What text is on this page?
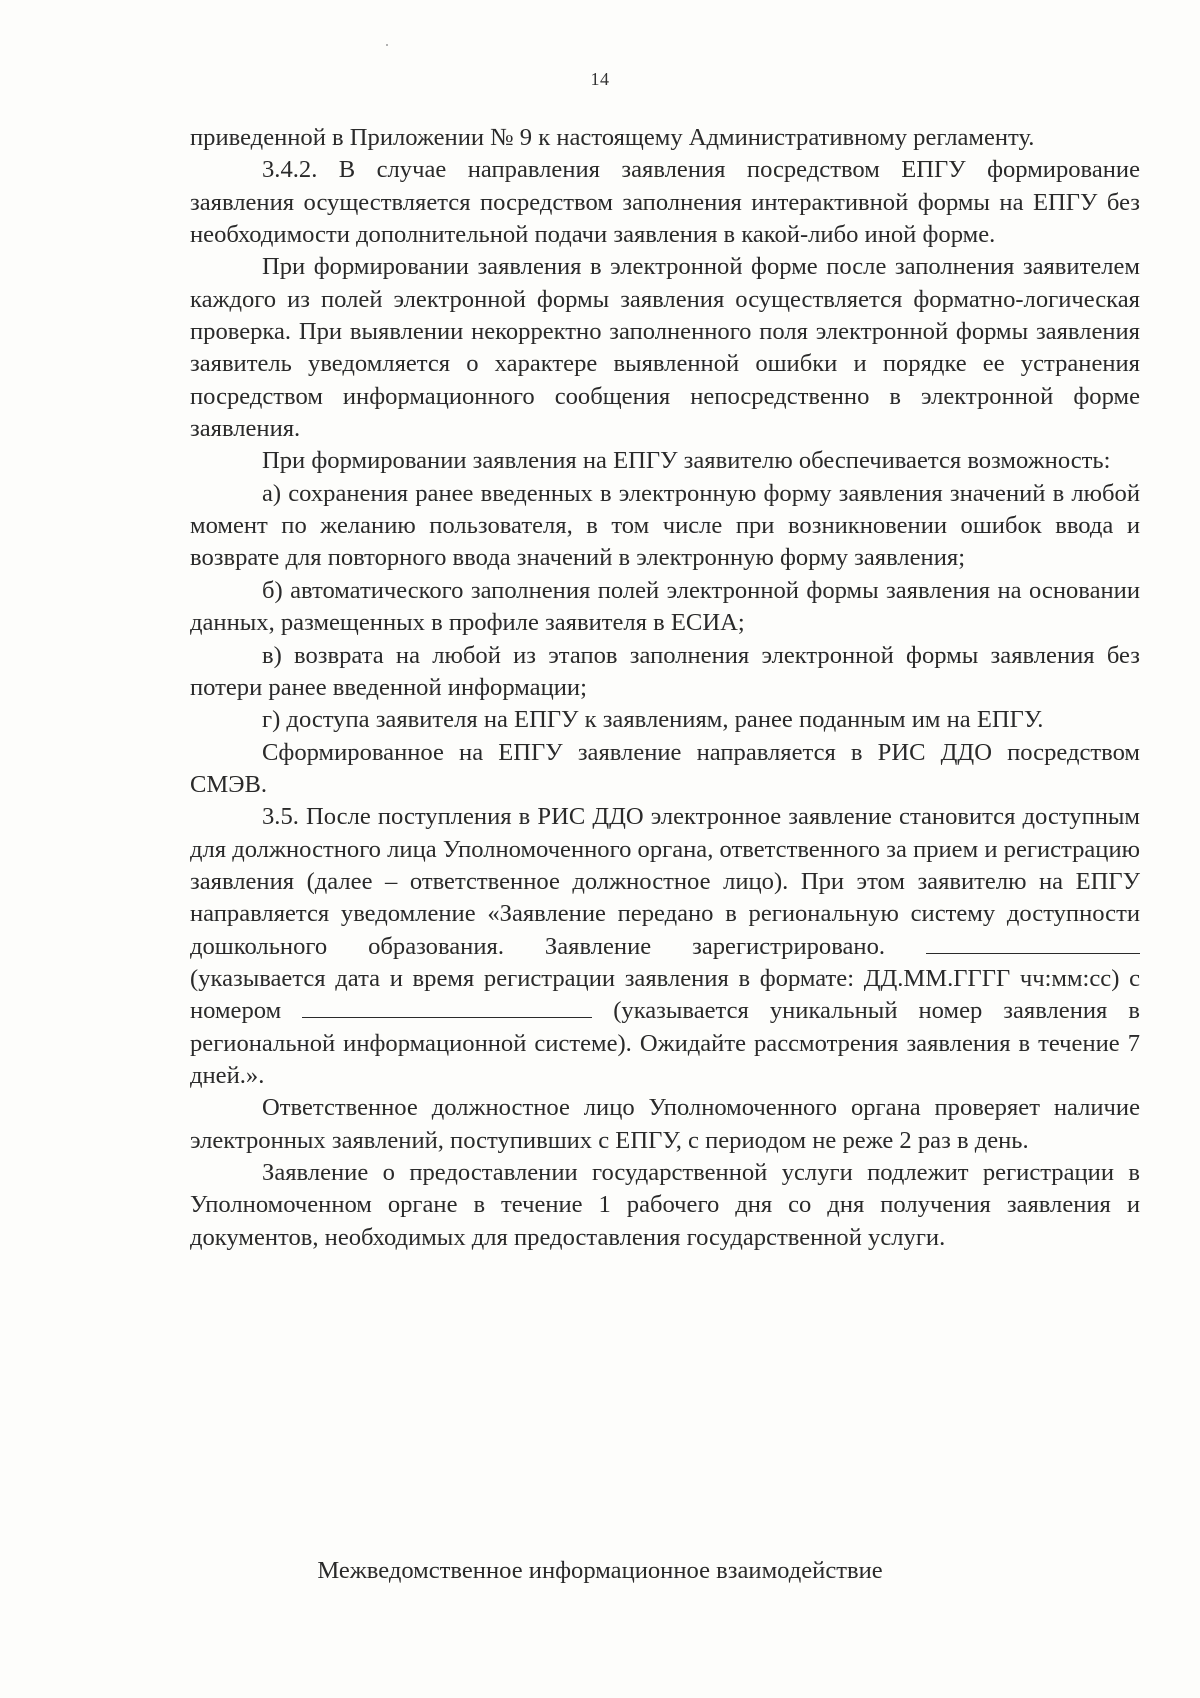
14

приведенной в Приложении № 9 к настоящему Административному регламенту.

3.4.2. В случае направления заявления посредством ЕПГУ формирование заявления осуществляется посредством заполнения интерактивной формы на ЕПГУ без необходимости дополнительной подачи заявления в какой-либо иной форме.

При формировании заявления в электронной форме после заполнения заявителем каждого из полей электронной формы заявления осуществляется форматно-логическая проверка. При выявлении некорректно заполненного поля электронной формы заявления заявитель уведомляется о характере выявленной ошибки и порядке ее устранения посредством информационного сообщения непосредственно в электронной форме заявления.

При формировании заявления на ЕПГУ заявителю обеспечивается возможность:

а) сохранения ранее введенных в электронную форму заявления значений в любой момент по желанию пользователя, в том числе при возникновении ошибок ввода и возврате для повторного ввода значений в электронную форму заявления;

б) автоматического заполнения полей электронной формы заявления на основании данных, размещенных в профиле заявителя в ЕСИА;

в) возврата на любой из этапов заполнения электронной формы заявления без потери ранее введенной информации;

г) доступа заявителя на ЕПГУ к заявлениям, ранее поданным им на ЕПГУ.

Сформированное на ЕПГУ заявление направляется в РИС ДДО посредством СМЭВ.

3.5. После поступления в РИС ДДО электронное заявление становится доступным для должностного лица Уполномоченного органа, ответственного за прием и регистрацию заявления (далее – ответственное должностное лицо). При этом заявителю на ЕПГУ направляется уведомление «Заявление передано в региональную систему доступности дошкольного образования. Заявление зарегистрировано.  (указывается дата и время регистрации заявления в формате: ДД.ММ.ГГГГ чч:мм:сс) с номером	(указывается уникальный номер заявления в региональной информационной системе). Ожидайте рассмотрения заявления в течение 7 дней.».

Ответственное должностное лицо Уполномоченного органа проверяет наличие электронных заявлений, поступивших с ЕПГУ, с периодом не реже 2 раз в день.

Заявление о предоставлении государственной услуги подлежит регистрации в Уполномоченном органе в течение 1 рабочего дня со дня получения заявления и документов, необходимых для предоставления государственной услуги.

Межведомственное информационное взаимодействие
